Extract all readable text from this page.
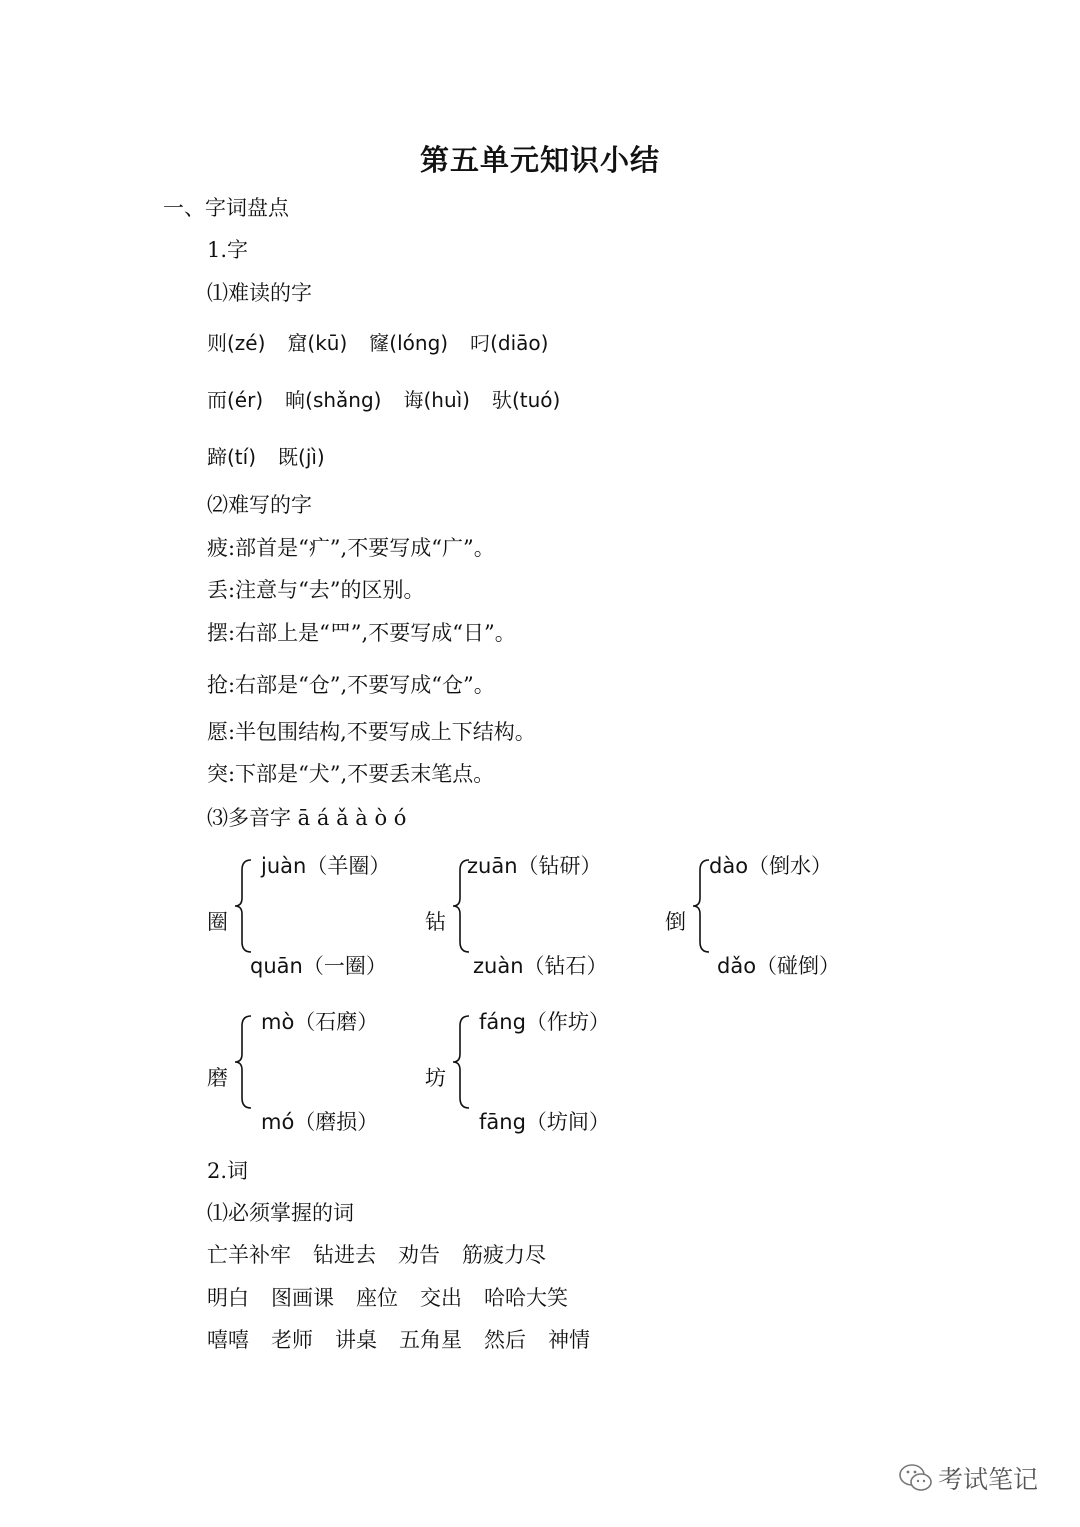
第五单元知识小结
一、字词盘点
1.字
⑴难读的字
则(zé) 窟(kū) 窿(lóng) 叼(diāo)
而(ér) 晌(shǎng) 诲(huì) 驮(tuó)
蹄(tí) 既(jì)
⑵难写的字
疲:部首是“疒”,不要写成“广”。
丢:注意与“去”的区别。
摆:右部上是“罒”,不要写成“日”。
抢:右部是“仓”,不要写成“仓”。
愿:半包围结构,不要写成上下结构。
突:下部是“犬”,不要丢末笔点。
⑶多音字 ā á ǎ à ò ó
圈
juàn（羊圈）
quān（一圈）
钻
zuān（钻研）
zuàn（钻石）
倒
dào（倒水）
dǎo（碰倒）
磨
mò（石磨）
mó（磨损）
坊
fáng（作坊）
fāng（坊间）
2.词
⑴必须掌握的词
亡羊补牢 钻进去 劝告 筋疲力尽
明白 图画课 座位 交出 哈哈大笑
嘻嘻 老师 讲桌 五角星 然后 神情
考试笔记
